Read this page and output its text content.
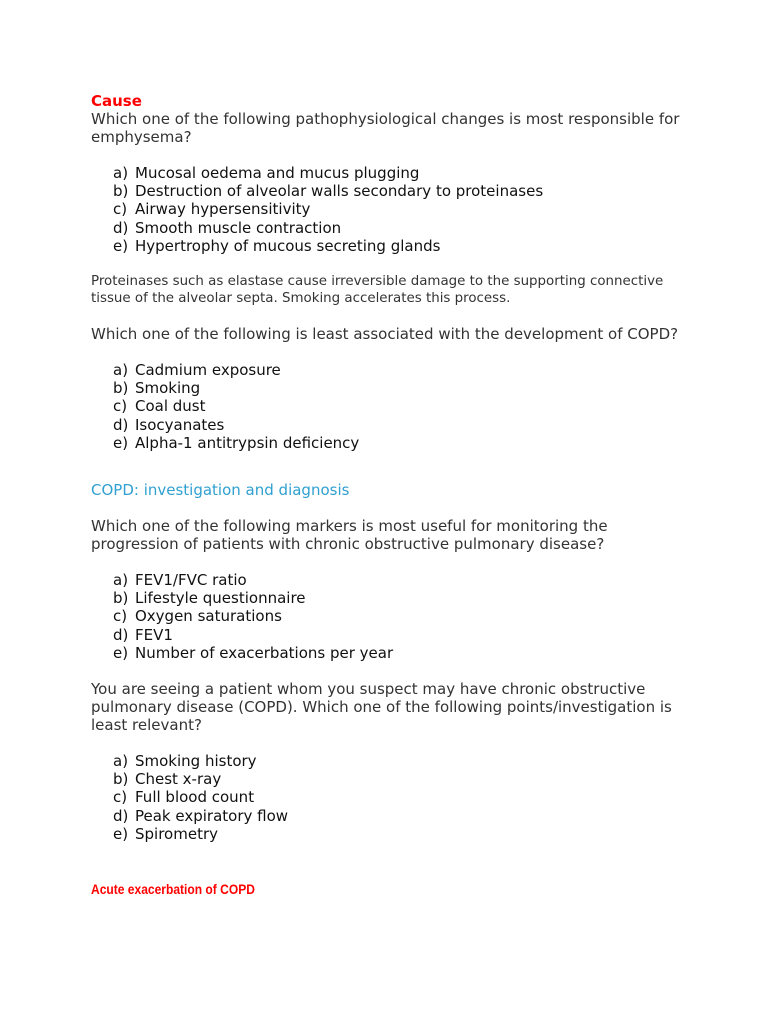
Cause

Which one of the following pathophysiological changes is most responsible for emphysema?

a) Mucosal oedema and mucus plugging
b) Destruction of alveolar walls secondary to proteinases
c) Airway hypersensitivity
d) Smooth muscle contraction
e) Hypertrophy of mucous secreting glands

Proteinases such as elastase cause irreversible damage to the supporting connective tissue of the alveolar septa. Smoking accelerates this process.

Which one of the following is least associated with the development of COPD?

a) Cadmium exposure
b) Smoking
c) Coal dust
d) Isocyanates
e) Alpha-1 antitrypsin deficiency

COPD: investigation and diagnosis

Which one of the following markers is most useful for monitoring the progression of patients with chronic obstructive pulmonary disease?

a) FEV1/FVC ratio
b) Lifestyle questionnaire
c) Oxygen saturations
d) FEV1
e) Number of exacerbations per year

You are seeing a patient whom you suspect may have chronic obstructive pulmonary disease (COPD). Which one of the following points/investigation is least relevant?

a) Smoking history
b) Chest x-ray
c) Full blood count
d) Peak expiratory flow
e) Spirometry

Acute exacerbation of COPD
